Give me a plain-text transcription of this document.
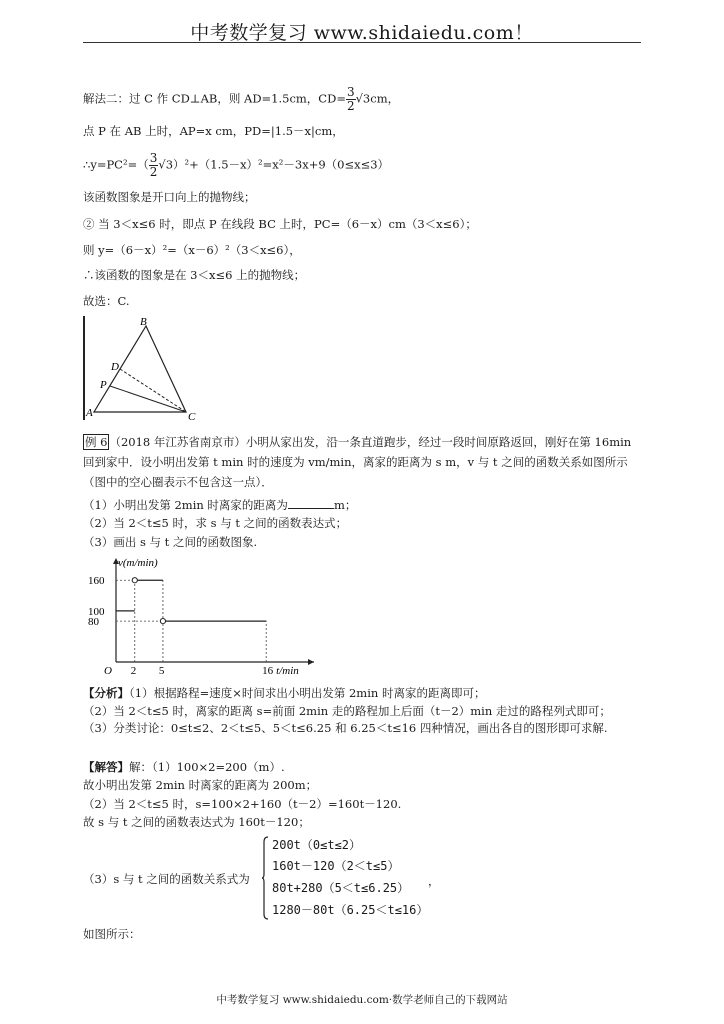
中考数学复习 www.shidaiedu.com！
解法二：过 C 作 CD⊥AB，则 AD=1.5cm，$CD= \frac{3}{2} √3cm$，
点 P 在 AB 上时，AP=x cm，PD=|1.5－x|cm，
∴y=PC²=（ $\frac{3}{2} √3)^2+(1.5-x)^2=x^2-3x+9(0\le x\le 3)$
该函数图象是开口向上的抛物线；
② 当 3＜x≤6 时，即点 P 在线段 BC 上时，PC=（6－x）cm（3＜x≤6）；
则 y=（6－x）²=（x－6）²（3＜x≤6），
∴该函数的图象是在 3＜x≤6 上的抛物线；
故选：C.
B
D
P
A	C
例 6 （2018 年江苏省南京市）小明从家出发，沿一条直道跑步，经过一段时间原路返回，刚好在第 16min 回到家中．设小明出发第 t min 时的速度为 vm/min，离家的距离为 s m，v 与 t 之间的函数关系如图所示（图中的空心圈表示不包含这一点）．
（1）小明出发第 2min 时离家的距离为	m；
（2）当 2＜t≤5 时，求 s 与 t 之间的函数表达式；
（3）画出 s 与 t 之间的函数图象.
2 5	16
80
100
160
O
v(m/min)
t/min
【分析】（1）根据路程=速度×时间求出小明出发第 2min 时离家的距离即可；
（2）当 2＜t≤5 时，离家的距离 s=前面 2min 走的路程加上后面（t－2）min 走过的路程列式即可；
（3）分类讨论：0≤t≤2、2＜t≤5、5＜t≤6.25 和 6.25＜t≤16 四种情况，画出各自的图形即可求解.
【解答】解：（1）100×2=200（m）.
故小明出发第 2min 时离家的距离为 200m；
（2）当 2＜t≤5 时，s=100×2+160（t－2）=160t－120.
故 s 与 t 之间的函数表达式为 160t－120；
（3）s 与 t 之间的函数关系式为
200t（0≤t≤2）
160t－120（2＜t≤5）
80t+280（5＜t≤6.25）
1280－80t（6.25＜t≤16）
，
如图所示：
中考数学复习 www.shidaiedu.com·数学老师自己的下载网站
